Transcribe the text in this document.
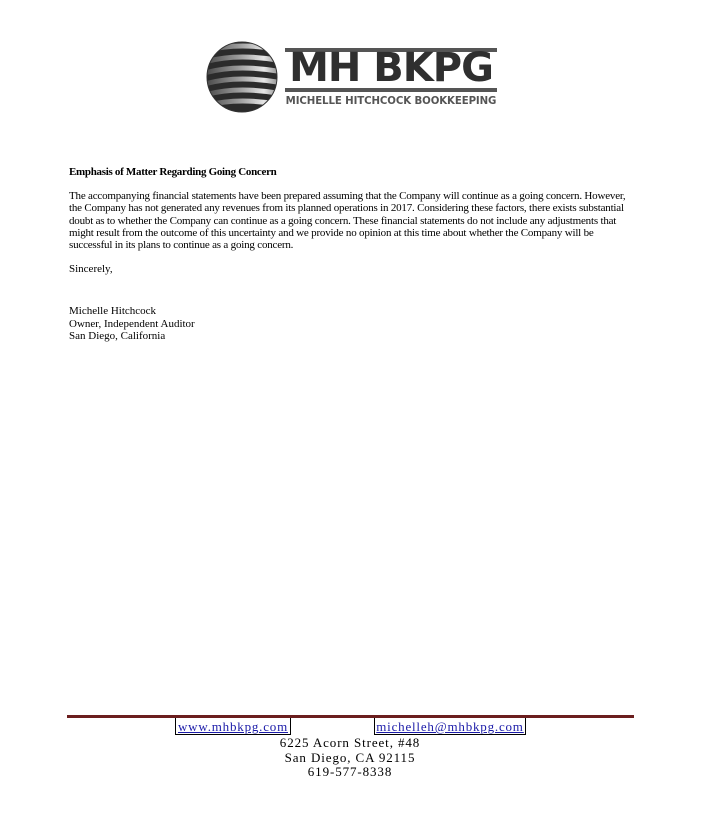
MH BKPG
MICHELLE HITCHCOCK BOOKKEEPING

Emphasis of Matter Regarding Going Concern

The accompanying financial statements have been prepared assuming that the Company will continue as a going concern. However, the Company has not generated any revenues from its planned operations in 2017. Considering these factors, there exists substantial doubt as to whether the Company can continue as a going concern. These financial statements do not include any adjustments that might result from the outcome of this uncertainty and we provide no opinion at this time about whether the Company will be successful in its plans to continue as a going concern.

Sincerely,

Michelle Hitchcock

Owner, Independent Auditor

San Diego, California

www.mhbkpg.com	michelleh@mhbkpg.com

6225 Acorn Street, #48

San Diego, CA 92115

619-577-8338
